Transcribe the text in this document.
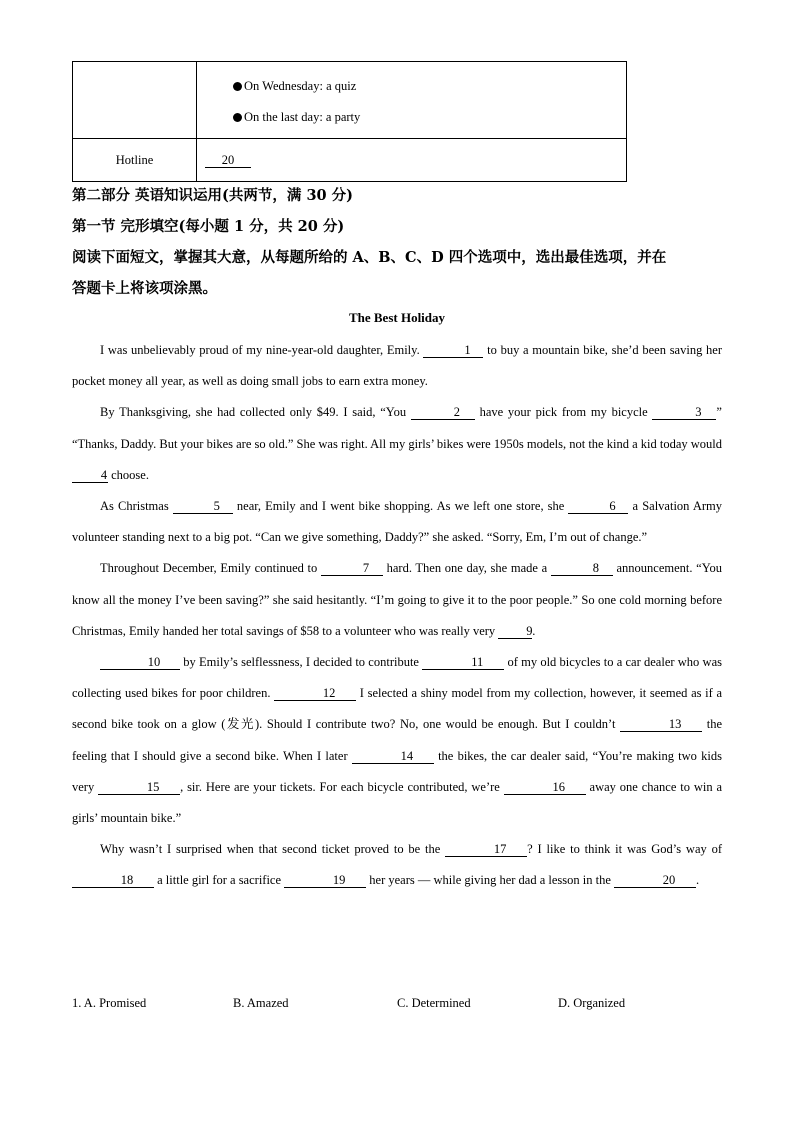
	On Wednesday: a quiz
On the last day: a party

Hotline	20
第二部分 英语知识运用(共两节，满 30 分)
第一节 完形填空(每小题 1 分，共 20 分)
阅读下面短文，掌握其大意，从每题所给的 A、B、C、D 四个选项中，选出最佳选项，并在
答题卡上将该项涂黑。
The Best Holiday

I was unbelievably proud of my nine-year-old daughter, Emily.	1 to buy a mountain bike, she’d been saving her pocket money all year, as well as doing small jobs to earn extra money.

By Thanksgiving, she had collected only $49. I said, “You	2 have your pick from my bicycle	3 ” “Thanks, Daddy. But your bikes are so old.” She was right. All my girls’ bikes were 1950s models, not the kind a kid today would 4 choose.

As Christmas	5 near, Emily and I went bike shopping. As we left one store, she	6 a Salvation Army volunteer standing next to a big pot. “Can we give something, Daddy?” she asked. “Sorry, Em, I’m out of change.”

Throughout December, Emily continued to	7 hard. Then one day, she made a	8 announcement. “You know all the money I’ve been saving?” she said hesitantly. “I’m going to give it to the poor people.” So one cold morning before Christmas, Emily handed her total savings of $58 to a volunteer who was really very 9.

10 by Emily’s selflessness, I decided to contribute	11 of my old bicycles to a car dealer who was collecting used bikes for poor children.	12 I selected a shiny model from my collection, however, it seemed as if a second bike took on a glow (发光). Should I contribute two? No, one would be enough. But I couldn’t	13 the feeling that I should give a second bike. When I later	14 the bikes, the car dealer said, “You’re making two kids very	15 , sir. Here are your tickets. For each bicycle contributed, we’re	16 away one chance to win a girls’ mountain bike.”

Why wasn’t I surprised when that second ticket proved to be the	17 ? I like to think it was God’s way of 18 a little girl for a sacrifice	19 her years — while giving her dad a lesson in the	20 .

1. A. Promised	B. Amazed	C. Determined	D. Organized
